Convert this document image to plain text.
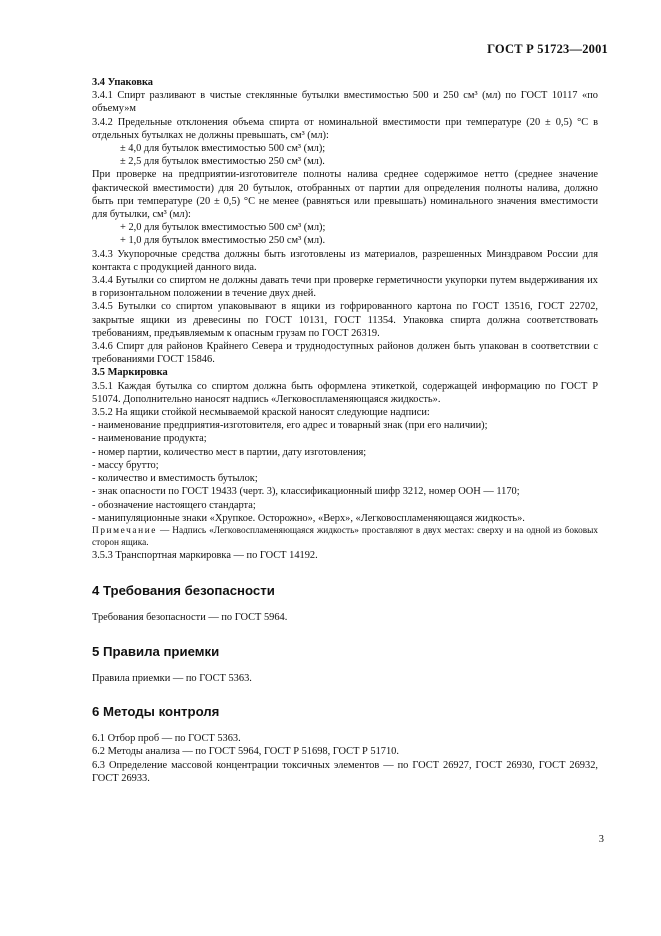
ГОСТ Р 51723—2001

3.4 Упаковка

3.4.1 Спирт разливают в чистые стеклянные бутылки вместимостью 500 и 250 см³ (мл) по ГОСТ 10117 «по объему»м

3.4.2 Предельные отклонения объема спирта от номинальной вместимости при температуре (20 ± 0,5) °С в отдельных бутылках не должны превышать, см³ (мл):

± 4,0 для бутылок вместимостью 500 см³ (мл);

± 2,5 для бутылок вместимостью 250 см³ (мл).

При проверке на предприятии-изготовителе полноты налива среднее содержимое нетто (среднее значение фактической вместимости) для 20 бутылок, отобранных от партии для определения полноты налива, должно быть при температуре (20 ± 0,5) °С не менее (равняться или превышать) номинального значения вместимости для бутылки, см³ (мл):

+ 2,0 для бутылок вместимостью 500 см³ (мл);

+ 1,0 для бутылок вместимостью 250 см³ (мл).

3.4.3 Укупорочные средства должны быть изготовлены из материалов, разрешенных Минздравом России для контакта с продукцией данного вида.

3.4.4 Бутылки со спиртом не должны давать течи при проверке герметичности укупорки путем выдерживания их в горизонтальном положении в течение двух дней.

3.4.5 Бутылки со спиртом упаковывают в ящики из гофрированного картона по ГОСТ 13516, ГОСТ 22702, закрытые ящики из древесины по ГОСТ 10131, ГОСТ 11354. Упаковка спирта должна соответствовать требованиям, предъявляемым к опасным грузам по ГОСТ 26319.

3.4.6 Спирт для районов Крайнего Севера и труднодоступных районов должен быть упакован в соответствии с требованиями ГОСТ 15846.

3.5 Маркировка

3.5.1 Каждая бутылка со спиртом должна быть оформлена этикеткой, содержащей информацию по ГОСТ Р 51074. Дополнительно наносят надпись «Легковоспламеняющаяся жидкость».

3.5.2 На ящики стойкой несмываемой краской наносят следующие надписи:

- наименование предприятия-изготовителя, его адрес и товарный знак (при его наличии);

- наименование продукта;

- номер партии, количество мест в партии, дату изготовления;

- массу брутто;

- количество и вместимость бутылок;

- знак опасности по ГОСТ 19433 (черт. 3), классификационный шифр 3212, номер ООН — 1170;

- обозначение настоящего стандарта;

- манипуляционные знаки «Хрупкое. Осторожно», «Верх», «Легковоспламеняющаяся жидкость».

Примечание — Надпись «Легковоспламеняющаяся жидкость» проставляют в двух местах: сверху и на одной из боковых сторон ящика.

3.5.3 Транспортная маркировка — по ГОСТ 14192.

4 Требования безопасности

Требования безопасности — по ГОСТ 5964.

5 Правила приемки

Правила приемки — по ГОСТ 5363.

6 Методы контроля

6.1 Отбор проб — по ГОСТ 5363.

6.2 Методы анализа — по ГОСТ 5964, ГОСТ Р 51698, ГОСТ Р 51710.

6.3 Определение массовой концентрации токсичных элементов — по ГОСТ 26927, ГОСТ 26930, ГОСТ 26932, ГОСТ 26933.

3
